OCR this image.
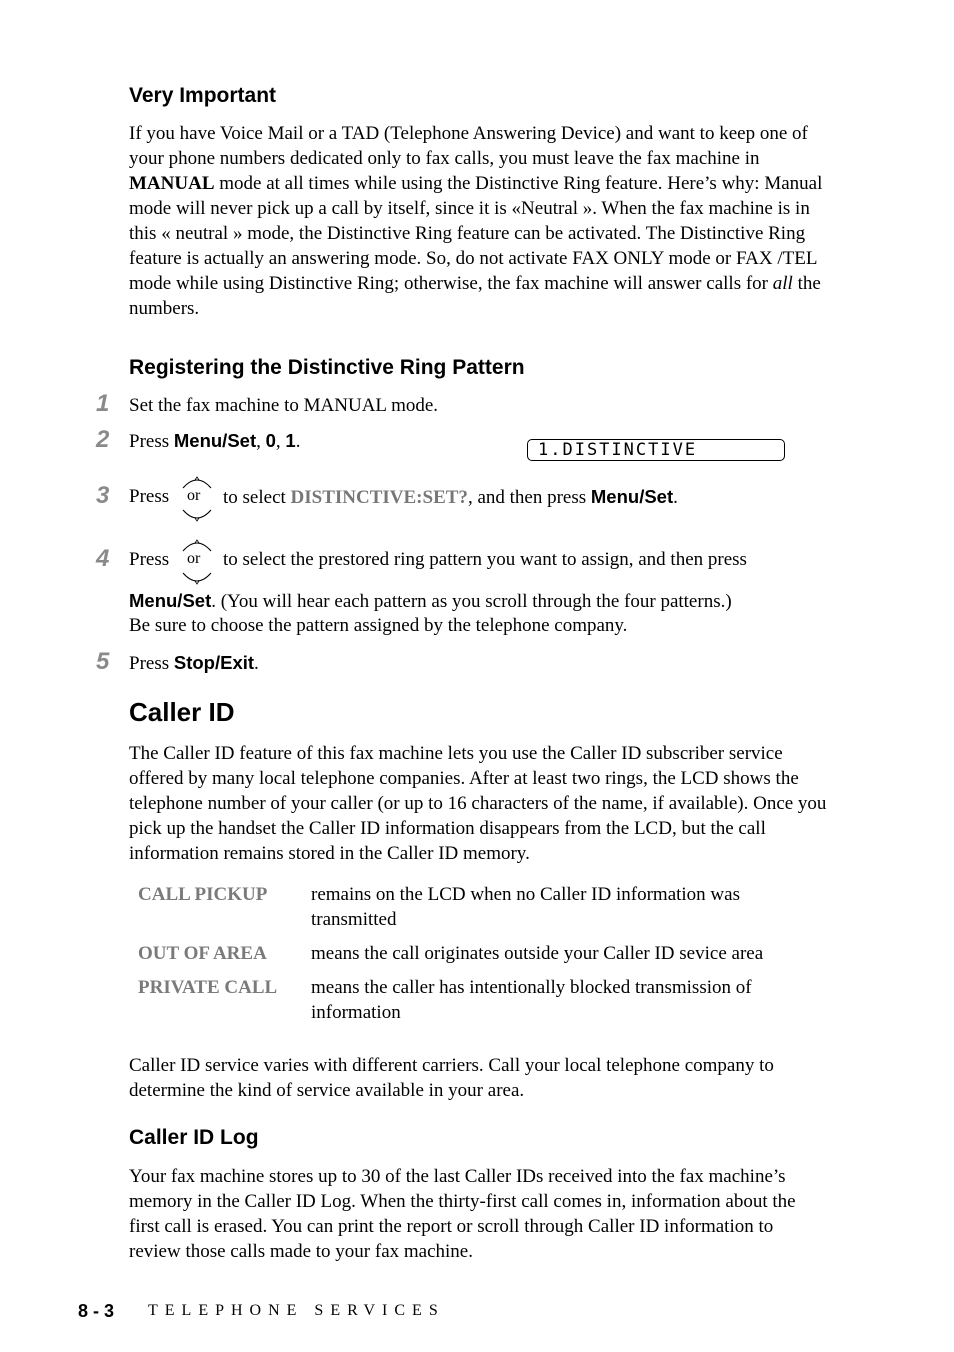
Very Important

If you have Voice Mail or a TAD (Telephone Answering Device) and want to keep one of your phone numbers dedicated only to fax calls, you must leave the fax machine in MANUAL mode at all times while using the Distinctive Ring feature. Here’s why: Manual mode will never pick up a call by itself, since it is «Neutral ». When the fax machine is in this « neutral » mode, the Distinctive Ring feature can be activated. The Distinctive Ring feature is actually an answering mode. So, do not activate FAX ONLY mode or FAX /TEL mode while using Distinctive Ring; otherwise, the fax machine will answer calls for all the numbers.

Registering the Distinctive Ring Pattern
1 Set the fax machine to MANUAL mode.
2 Press Menu/Set, 0, 1.	1.DISTINCTIVE
3 Press or to select DISTINCTIVE:SET?, and then press Menu/Set.
4 Press or to select the prestored ring pattern you want to assign, and then press
Menu/Set. (You will hear each pattern as you scroll through the four patterns.)
Be sure to choose the pattern assigned by the telephone company.
5 Press Stop/Exit.
Caller ID
The Caller ID feature of this fax machine lets you use the Caller ID subscriber service offered by many local telephone companies. After at least two rings, the LCD shows the telephone number of your caller (or up to 16 characters of the name, if available). Once you pick up the handset the Caller ID information disappears from the LCD, but the call information remains stored in the Caller ID memory.
CALL PICKUP remains on the LCD when no Caller ID information was transmitted
OUT OF AREA means the call originates outside your Caller ID sevice area
PRIVATE CALL means the caller has intentionally blocked transmission of information
Caller ID service varies with different carriers. Call your local telephone company to determine the kind of service available in your area.
Caller ID Log
Your fax machine stores up to 30 of the last Caller IDs received into the fax machine’s memory in the Caller ID Log. When the thirty-first call comes in, information about the first call is erased. You can print the report or scroll through Caller ID information to review those calls made to your fax machine.
8 - 3 TELEPHONE SERVICES
